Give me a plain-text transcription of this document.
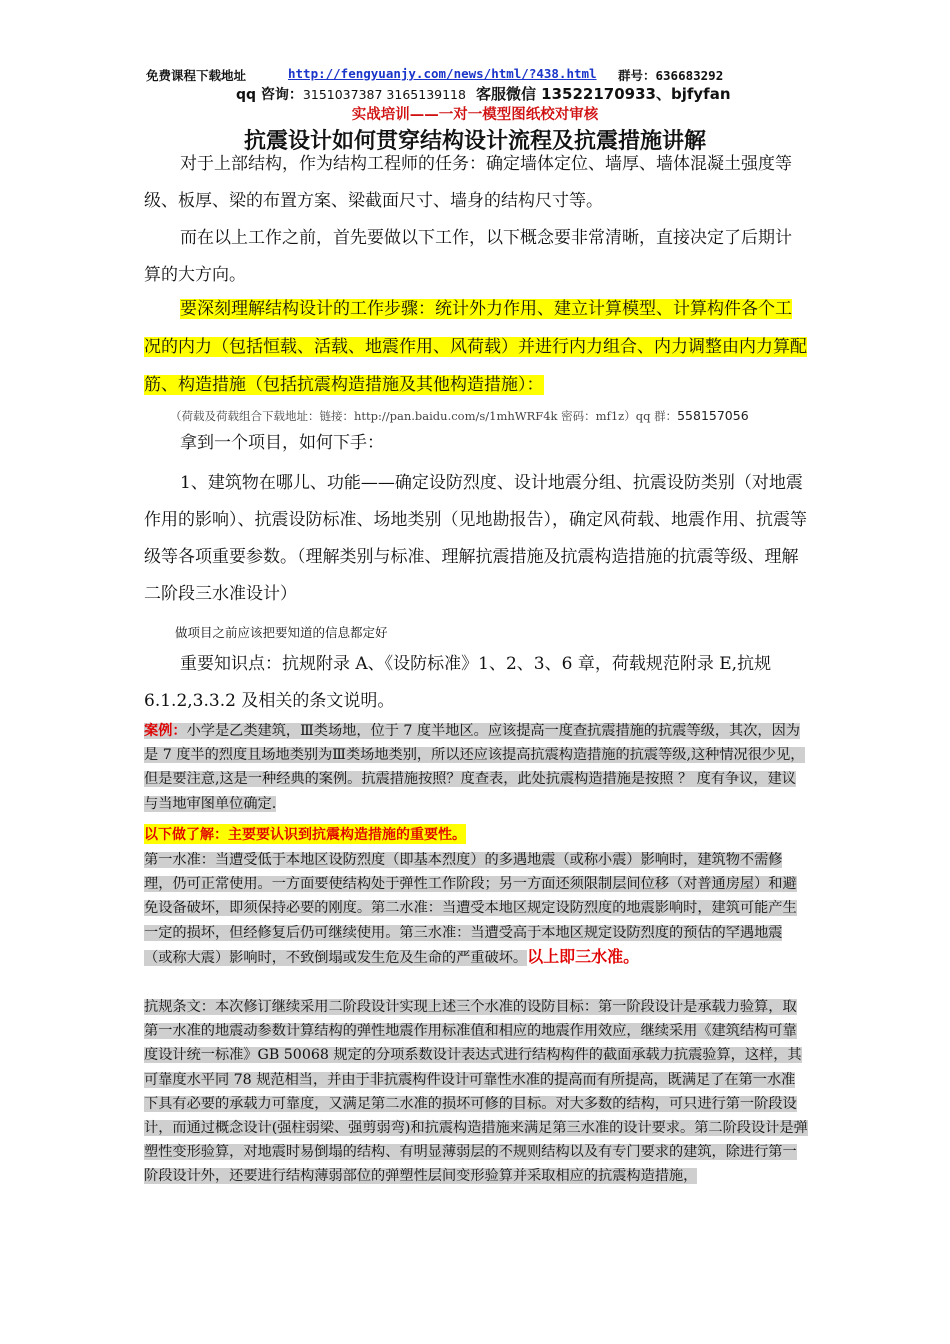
免费课程下载地址	http://fengyuanjy.com/news/html/?438.html 群号：636683292
qq 咨询：3151037387 3165139118 客服微信 13522170933、bjfyfan
实战培训——一对一模型图纸校对审核
抗震设计如何贯穿结构设计流程及抗震措施讲解
对于上部结构，作为结构工程师的任务：确定墙体定位、墙厚、墙体混凝土强度等级、板厚、梁的布置方案、梁截面尺寸、墙身的结构尺寸等。
而在以上工作之前，首先要做以下工作，以下概念要非常清晰，直接决定了后期计算的大方向。
要深刻理解结构设计的工作步骤：统计外力作用、建立计算模型、计算构件各个工况的内力（包括恒载、活载、地震作用、风荷载）并进行内力组合、内力调整由内力算配筋、构造措施（包括抗震构造措施及其他构造措施）：
（荷载及荷载组合下载地址：链接：http://pan.baidu.com/s/1mhWRF4k 密码：mf1z）qq 群：558157056
拿到一个项目，如何下手：
1、建筑物在哪儿、功能——确定设防烈度、设计地震分组、抗震设防类别（对地震作用的影响）、抗震设防标准、场地类别（见地勘报告），确定风荷载、地震作用、抗震等级等各项重要参数。（理解类别与标准、理解抗震措施及抗震构造措施的抗震等级、理解二阶段三水准设计）
做项目之前应该把要知道的信息都定好
重要知识点：抗规附录 A、《设防标准》1、2、3、6 章，荷载规范附录 E,抗规6.1.2,3.3.2 及相关的条文说明。
案例：小学是乙类建筑，Ⅲ类场地，位于 7 度半地区。应该提高一度查抗震措施的抗震等级，其次，因为是 7 度半的烈度且场地类别为Ⅲ类场地类别，所以还应该提高抗震构造措施的抗震等级,这种情况很少见，但是要注意,这是一种经典的案例。抗震措施按照？度查表，此处抗震构造措施是按照 ？ 度有争议，建议与当地审图单位确定.
以下做了解：主要要认识到抗震构造措施的重要性。
第一水准：当遭受低于本地区设防烈度（即基本烈度）的多遇地震（或称小震）影响时，建筑物不需修理，仍可正常使用。一方面要使结构处于弹性工作阶段；另一方面还须限制层间位移（对普通房屋）和避免设备破坏，即须保持必要的刚度。第二水准：当遭受本地区规定设防烈度的地震影响时，建筑可能产生一定的损坏，但经修复后仍可继续使用。第三水准：当遭受高于本地区规定设防烈度的预估的罕遇地震（或称大震）影响时，不致倒塌或发生危及生命的严重破坏。以上即三水准。
抗规条文：本次修订继续采用二阶段设计实现上述三个水准的设防目标：第一阶段设计是承载力验算，取第一水准的地震动参数计算结构的弹性地震作用标准值和相应的地震作用效应，继续采用《建筑结构可靠度设计统一标准》GB 50068 规定的分项系数设计表达式进行结构构件的截面承载力抗震验算，这样，其可靠度水平同 78 规范相当，并由于非抗震构件设计可靠性水准的提高而有所提高，既满足了在第一水准下具有必要的承载力可靠度，又满足第二水准的损坏可修的目标。对大多数的结构，可只进行第一阶段设计，而通过概念设计(强柱弱梁、强剪弱弯)和抗震构造措施来满足第三水准的设计要求。第二阶段设计是弹塑性变形验算，对地震时易倒塌的结构、有明显薄弱层的不规则结构以及有专门要求的建筑，除进行第一阶段设计外，还要进行结构薄弱部位的弹塑性层间变形验算并采取相应的抗震构造措施，
